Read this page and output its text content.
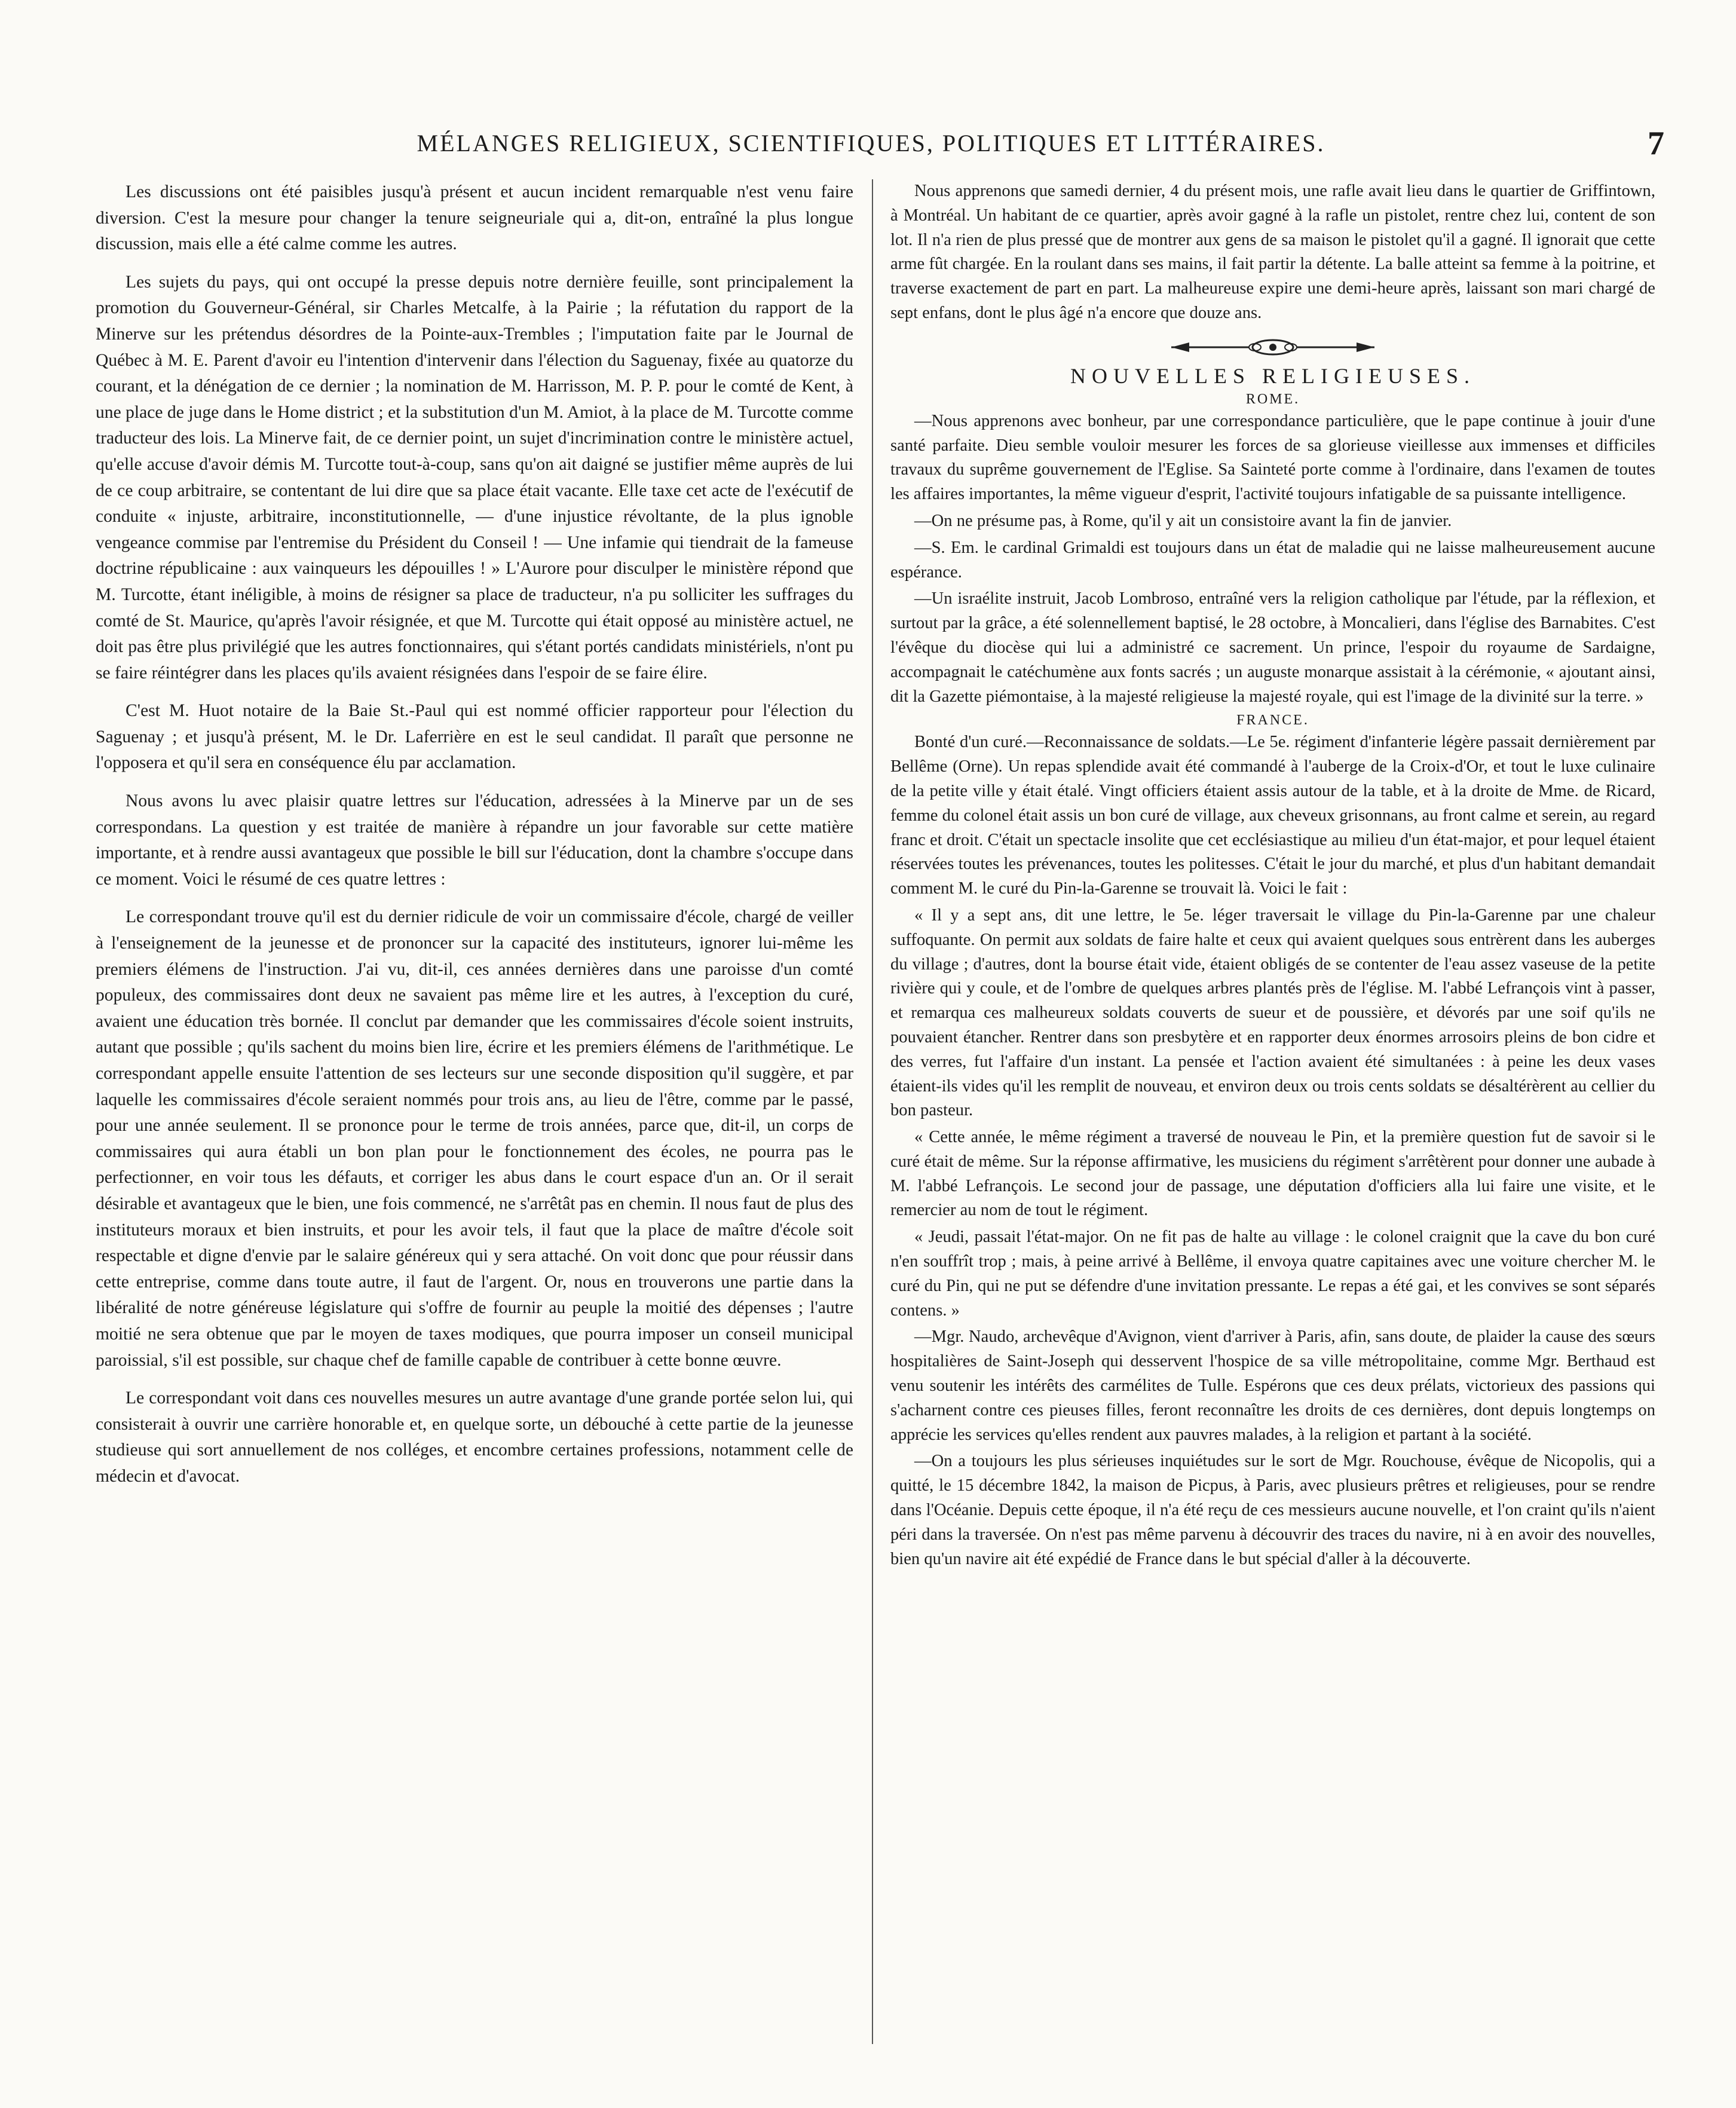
MÉLANGES RELIGIEUX, SCIENTIFIQUES, POLITIQUES ET LITTÉRAIRES.	7

Les discussions ont été paisibles jusqu'à présent et aucun incident remarquable n'est venu faire diversion. C'est la mesure pour changer la tenure seigneuriale qui a, dit-on, entraîné la plus longue discussion, mais elle a été calme comme les autres.

Les sujets du pays, qui ont occupé la presse depuis notre dernière feuille, sont principalement la promotion du Gouverneur-Général, sir Charles Metcalfe, à la Pairie ; la réfutation du rapport de la Minerve sur les prétendus désordres de la Pointe-aux-Trembles ; l'imputation faite par le Journal de Québec à M. E. Parent d'avoir eu l'intention d'intervenir dans l'élection du Saguenay, fixée au quatorze du courant, et la dénégation de ce dernier ; la nomination de M. Harrisson, M. P. P. pour le comté de Kent, à une place de juge dans le Home district ; et la substitution d'un M. Amiot, à la place de M. Turcotte comme traducteur des lois. La Minerve fait, de ce dernier point, un sujet d'incrimination contre le ministère actuel, qu'elle accuse d'avoir démis M. Turcotte tout-à-coup, sans qu'on ait daigné se justifier même auprès de lui de ce coup arbitraire, se contentant de lui dire que sa place était vacante. Elle taxe cet acte de l'exécutif de conduite « injuste, arbitraire, inconstitutionnelle, — d'une injustice révoltante, de la plus ignoble vengeance commise par l'entremise du Président du Conseil ! — Une infamie qui tiendrait de la fameuse doctrine républicaine : aux vainqueurs les dépouilles ! » L'Aurore pour disculper le ministère répond que M. Turcotte, étant inéligible, à moins de résigner sa place de traducteur, n'a pu solliciter les suffrages du comté de St. Maurice, qu'après l'avoir résignée, et que M. Turcotte qui était opposé au ministère actuel, ne doit pas être plus privilégié que les autres fonctionnaires, qui s'étant portés candidats ministériels, n'ont pu se faire réintégrer dans les places qu'ils avaient résignées dans l'espoir de se faire élire.

C'est M. Huot notaire de la Baie St.-Paul qui est nommé officier rapporteur pour l'élection du Saguenay ; et jusqu'à présent, M. le Dr. Laferrière en est le seul candidat. Il paraît que personne ne l'opposera et qu'il sera en conséquence élu par acclamation.

Nous avons lu avec plaisir quatre lettres sur l'éducation, adressées à la Minerve par un de ses correspondans. La question y est traitée de manière à répandre un jour favorable sur cette matière importante, et à rendre aussi avantageux que possible le bill sur l'éducation, dont la chambre s'occupe dans ce moment. Voici le résumé de ces quatre lettres :

Le correspondant trouve qu'il est du dernier ridicule de voir un commissaire d'école, chargé de veiller à l'enseignement de la jeunesse et de prononcer sur la capacité des instituteurs, ignorer lui-même les premiers élémens de l'instruction. J'ai vu, dit-il, ces années dernières dans une paroisse d'un comté populeux, des commissaires dont deux ne savaient pas même lire et les autres, à l'exception du curé, avaient une éducation très bornée. Il conclut par demander que les commissaires d'école soient instruits, autant que possible ; qu'ils sachent du moins bien lire, écrire et les premiers élémens de l'arithmétique. Le correspondant appelle ensuite l'attention de ses lecteurs sur une seconde disposition qu'il suggère, et par laquelle les commissaires d'école seraient nommés pour trois ans, au lieu de l'être, comme par le passé, pour une année seulement. Il se prononce pour le terme de trois années, parce que, dit-il, un corps de commissaires qui aura établi un bon plan pour le fonctionnement des écoles, ne pourra pas le perfectionner, en voir tous les défauts, et corriger les abus dans le court espace d'un an. Or il serait désirable et avantageux que le bien, une fois commencé, ne s'arrêtât pas en chemin. Il nous faut de plus des instituteurs moraux et bien instruits, et pour les avoir tels, il faut que la place de maître d'école soit respectable et digne d'envie par le salaire généreux qui y sera attaché. On voit donc que pour réussir dans cette entreprise, comme dans toute autre, il faut de l'argent. Or, nous en trouverons une partie dans la libéralité de notre généreuse législature qui s'offre de fournir au peuple la moitié des dépenses ; l'autre moitié ne sera obtenue que par le moyen de taxes modiques, que pourra imposer un conseil municipal paroissial, s'il est possible, sur chaque chef de famille capable de contribuer à cette bonne œuvre.

Le correspondant voit dans ces nouvelles mesures un autre avantage d'une grande portée selon lui, qui consisterait à ouvrir une carrière honorable et, en quelque sorte, un débouché à cette partie de la jeunesse studieuse qui sort annuellement de nos colléges, et encombre certaines professions, notamment celle de médecin et d'avocat.

Nous apprenons que samedi dernier, 4 du présent mois, une rafle avait lieu dans le quartier de Griffintown, à Montréal. Un habitant de ce quartier, après avoir gagné à la rafle un pistolet, rentre chez lui, content de son lot. Il n'a rien de plus pressé que de montrer aux gens de sa maison le pistolet qu'il a gagné. Il ignorait que cette arme fût chargée. En la roulant dans ses mains, il fait partir la détente. La balle atteint sa femme à la poitrine, et traverse exactement de part en part. La malheureuse expire une demi-heure après, laissant son mari chargé de sept enfans, dont le plus âgé n'a encore que douze ans.

NOUVELLES RELIGIEUSES.
ROME.

—Nous apprenons avec bonheur, par une correspondance particulière, que le pape continue à jouir d'une santé parfaite. Dieu semble vouloir mesurer les forces de sa glorieuse vieillesse aux immenses et difficiles travaux du suprême gouvernement de l'Eglise. Sa Sainteté porte comme à l'ordinaire, dans l'examen de toutes les affaires importantes, la même vigueur d'esprit, l'activité toujours infatigable de sa puissante intelligence.

—On ne présume pas, à Rome, qu'il y ait un consistoire avant la fin de janvier.

—S. Em. le cardinal Grimaldi est toujours dans un état de maladie qui ne laisse malheureusement aucune espérance.

—Un israélite instruit, Jacob Lombroso, entraîné vers la religion catholique par l'étude, par la réflexion, et surtout par la grâce, a été solennellement baptisé, le 28 octobre, à Moncalieri, dans l'église des Barnabites. C'est l'évêque du diocèse qui lui a administré ce sacrement. Un prince, l'espoir du royaume de Sardaigne, accompagnait le catéchumène aux fonts sacrés ; un auguste monarque assistait à la cérémonie, « ajoutant ainsi, dit la Gazette piémontaise, à la majesté religieuse la majesté royale, qui est l'image de la divinité sur la terre. »

FRANCE.

Bonté d'un curé.—Reconnaissance de soldats.—Le 5e. régiment d'infanterie légère passait dernièrement par Bellême (Orne). Un repas splendide avait été commandé à l'auberge de la Croix-d'Or, et tout le luxe culinaire de la petite ville y était étalé. Vingt officiers étaient assis autour de la table, et à la droite de Mme. de Ricard, femme du colonel était assis un bon curé de village, aux cheveux grisonnans, au front calme et serein, au regard franc et droit. C'était un spectacle insolite que cet ecclésiastique au milieu d'un état-major, et pour lequel étaient réservées toutes les prévenances, toutes les politesses. C'était le jour du marché, et plus d'un habitant demandait comment M. le curé du Pin-la-Garenne se trouvait là. Voici le fait :

« Il y a sept ans, dit une lettre, le 5e. léger traversait le village du Pin-la-Garenne par une chaleur suffoquante. On permit aux soldats de faire halte et ceux qui avaient quelques sous entrèrent dans les auberges du village ; d'autres, dont la bourse était vide, étaient obligés de se contenter de l'eau assez vaseuse de la petite rivière qui y coule, et de l'ombre de quelques arbres plantés près de l'église. M. l'abbé Lefrançois vint à passer, et remarqua ces malheureux soldats couverts de sueur et de poussière, et dévorés par une soif qu'ils ne pouvaient étancher. Rentrer dans son presbytère et en rapporter deux énormes arrosoirs pleins de bon cidre et des verres, fut l'affaire d'un instant. La pensée et l'action avaient été simultanées : à peine les deux vases étaient-ils vides qu'il les remplit de nouveau, et environ deux ou trois cents soldats se désaltérèrent au cellier du bon pasteur.

« Cette année, le même régiment a traversé de nouveau le Pin, et la première question fut de savoir si le curé était de même. Sur la réponse affirmative, les musiciens du régiment s'arrêtèrent pour donner une aubade à M. l'abbé Lefrançois. Le second jour de passage, une députation d'officiers alla lui faire une visite, et le remercier au nom de tout le régiment.

« Jeudi, passait l'état-major. On ne fit pas de halte au village : le colonel craignit que la cave du bon curé n'en souffrît trop ; mais, à peine arrivé à Bellême, il envoya quatre capitaines avec une voiture chercher M. le curé du Pin, qui ne put se défendre d'une invitation pressante. Le repas a été gai, et les convives se sont séparés contens. »

—Mgr. Naudo, archevêque d'Avignon, vient d'arriver à Paris, afin, sans doute, de plaider la cause des sœurs hospitalières de Saint-Joseph qui desservent l'hospice de sa ville métropolitaine, comme Mgr. Berthaud est venu soutenir les intérêts des carmélites de Tulle. Espérons que ces deux prélats, victorieux des passions qui s'acharnent contre ces pieuses filles, feront reconnaître les droits de ces dernières, dont depuis longtemps on apprécie les services qu'elles rendent aux pauvres malades, à la religion et partant à la société.

—On a toujours les plus sérieuses inquiétudes sur le sort de Mgr. Rouchouse, évêque de Nicopolis, qui a quitté, le 15 décembre 1842, la maison de Picpus, à Paris, avec plusieurs prêtres et religieuses, pour se rendre dans l'Océanie. Depuis cette époque, il n'a été reçu de ces messieurs aucune nouvelle, et l'on craint qu'ils n'aient péri dans la traversée. On n'est pas même parvenu à découvrir des traces du navire, ni à en avoir des nouvelles, bien qu'un navire ait été expédié de France dans le but spécial d'aller à la découverte.
